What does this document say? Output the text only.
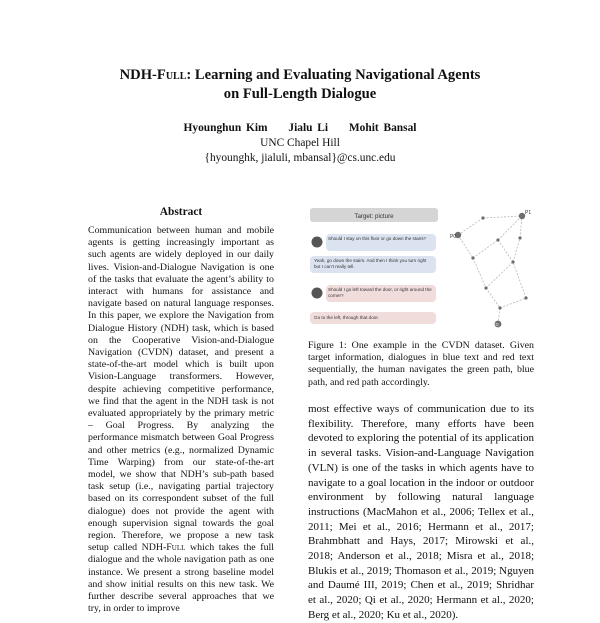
NDH-Full: Learning and Evaluating Navigational Agents
on Full-Length Dialogue
Hyounghun Kim Jialu Li Mohit Bansal
UNC Chapel Hill
{hyounghk, jialuli, mbansal}@cs.unc.edu
Abstract
Communication between human and mobile agents is getting increasingly important as such agents are widely deployed in our daily lives. Vision-and-Dialogue Navigation is one of the tasks that evaluate the agent’s ability to interact with humans for assistance and navigate based on natural language responses. In this paper, we explore the Navigation from Dialogue History (NDH) task, which is based on the Cooperative Vision-and-Dialogue Navigation (CVDN) dataset, and present a state-of-the-art model which is built upon Vision-Language transformers. However, despite achieving competitive performance, we find that the agent in the NDH task is not evaluated appropriately by the primary metric – Goal Progress. By analyzing the performance mismatch between Goal Progress and other metrics (e.g., normalized Dynamic Time Warping) from our state-of-the-art model, we show that NDH’s sub-path based task setup (i.e., navigating partial trajectory based on its correspondent subset of the full dialogue) does not provide the agent with enough supervision signal towards the goal region. Therefore, we propose a new task setup called NDH-Full which takes the full dialogue and the whole navigation path as one instance. We present a strong baseline model and show initial results on this new task. We further describe several approaches that we try, in order to improve
Target: picture
Should I stay on this floor or go down the stairs?
Yeah, go down the stairs. And then I think you turn right but I can’t really tell.
Should I go left toward the door, or right around the corner?
Go to the left, through that door.
P0
P1
G
Figure 1: One example in the CVDN dataset. Given target information, dialogues in blue text and red text sequentially, the human navigates the green path, blue path, and red path accordingly.
most effective ways of communication due to its flexibility. Therefore, many efforts have been devoted to exploring the potential of its application in several tasks. Vision-and-Language Navigation (VLN) is one of the tasks in which agents have to navigate to a goal location in the indoor or outdoor environment by following natural language instructions (MacMahon et al., 2006; Tellex et al., 2011; Mei et al., 2016; Hermann et al., 2017; Brahmbhatt and Hays, 2017; Mirowski et al., 2018; Anderson et al., 2018; Misra et al., 2018; Blukis et al., 2019; Thomason et al., 2019; Nguyen and Daumé III, 2019; Chen et al., 2019; Shridhar et al., 2020; Qi et al., 2020; Hermann et al., 2020; Berg et al., 2020; Ku et al., 2020).
